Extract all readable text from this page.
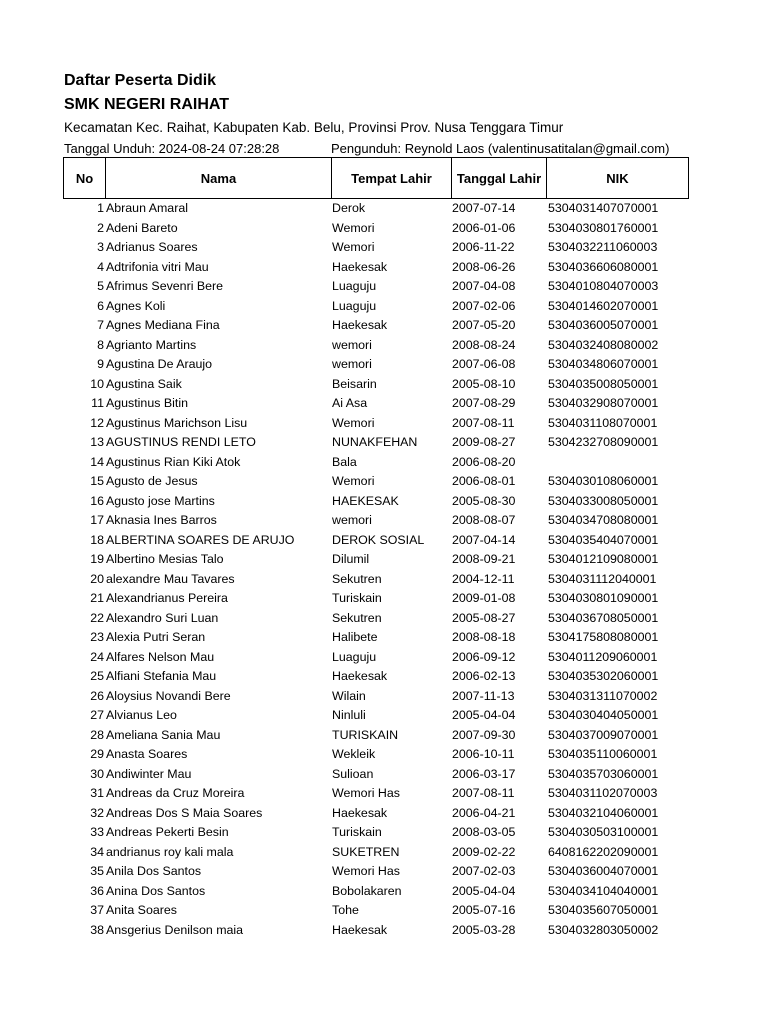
Daftar Peserta Didik
SMK NEGERI RAIHAT
Kecamatan Kec. Raihat, Kabupaten Kab. Belu, Provinsi Prov. Nusa Tenggara Timur
Tanggal Unduh: 2024-08-24 07:28:28	Pengunduh: Reynold Laos (valentinusatitalan@gmail.com)
No	Nama	Tempat Lahir	Tanggal Lahir	NIK
1	Abraun Amaral	Derok	2007-07-14	5304031407070001
2	Adeni Bareto	Wemori	2006-01-06	5304030801760001
3	Adrianus Soares	Wemori	2006-11-22	5304032211060003
4	Adtrifonia vitri Mau	Haekesak	2008-06-26	5304036606080001
5	Afrimus Sevenri Bere	Luaguju	2007-04-08	5304010804070003
6	Agnes Koli	Luaguju	2007-02-06	5304014602070001
7	Agnes Mediana Fina	Haekesak	2007-05-20	5304036005070001
8	Agrianto Martins	wemori	2008-08-24	5304032408080002
9	Agustina De Araujo	wemori	2007-06-08	5304034806070001
10	Agustina Saik	Beisarin	2005-08-10	5304035008050001
11	Agustinus Bitin	Ai Asa	2007-08-29	5304032908070001
12	Agustinus Marichson Lisu	Wemori	2007-08-11	5304031108070001
13	AGUSTINUS RENDI LETO	NUNAKFEHAN	2009-08-27	5304232708090001
14	Agustinus Rian Kiki Atok	Bala	2006-08-20	
15	Agusto de Jesus	Wemori	2006-08-01	5304030108060001
16	Agusto jose Martins	HAEKESAK	2005-08-30	5304033008050001
17	Aknasia Ines Barros	wemori	2008-08-07	5304034708080001
18	ALBERTINA SOARES DE ARUJO	DEROK SOSIAL	2007-04-14	5304035404070001
19	Albertino Mesias Talo	Dilumil	2008-09-21	5304012109080001
20	alexandre Mau Tavares	Sekutren	2004-12-11	5304031112040001
21	Alexandrianus Pereira	Turiskain	2009-01-08	5304030801090001
22	Alexandro Suri Luan	Sekutren	2005-08-27	5304036708050001
23	Alexia Putri Seran	Halibete	2008-08-18	5304175808080001
24	Alfares Nelson Mau	Luaguju	2006-09-12	5304011209060001
25	Alfiani Stefania Mau	Haekesak	2006-02-13	5304035302060001
26	Aloysius Novandi Bere	Wilain	2007-11-13	5304031311070002
27	Alvianus Leo	Ninluli	2005-04-04	5304030404050001
28	Ameliana Sania Mau	TURISKAIN	2007-09-30	5304037009070001
29	Anasta Soares	Wekleik	2006-10-11	5304035110060001
30	Andiwinter Mau	Sulioan	2006-03-17	5304035703060001
31	Andreas da Cruz Moreira	Wemori Has	2007-08-11	5304031102070003
32	Andreas Dos S Maia Soares	Haekesak	2006-04-21	5304032104060001
33	Andreas Pekerti Besin	Turiskain	2008-03-05	5304030503100001
34	andrianus roy kali mala	SUKETREN	2009-02-22	6408162202090001
35	Anila Dos Santos	Wemori Has	2007-02-03	5304036004070001
36	Anina Dos Santos	Bobolakaren	2005-04-04	5304034104040001
37	Anita Soares	Tohe	2005-07-16	5304035607050001
38	Ansgerius Denilson maia	Haekesak	2005-03-28	5304032803050002
